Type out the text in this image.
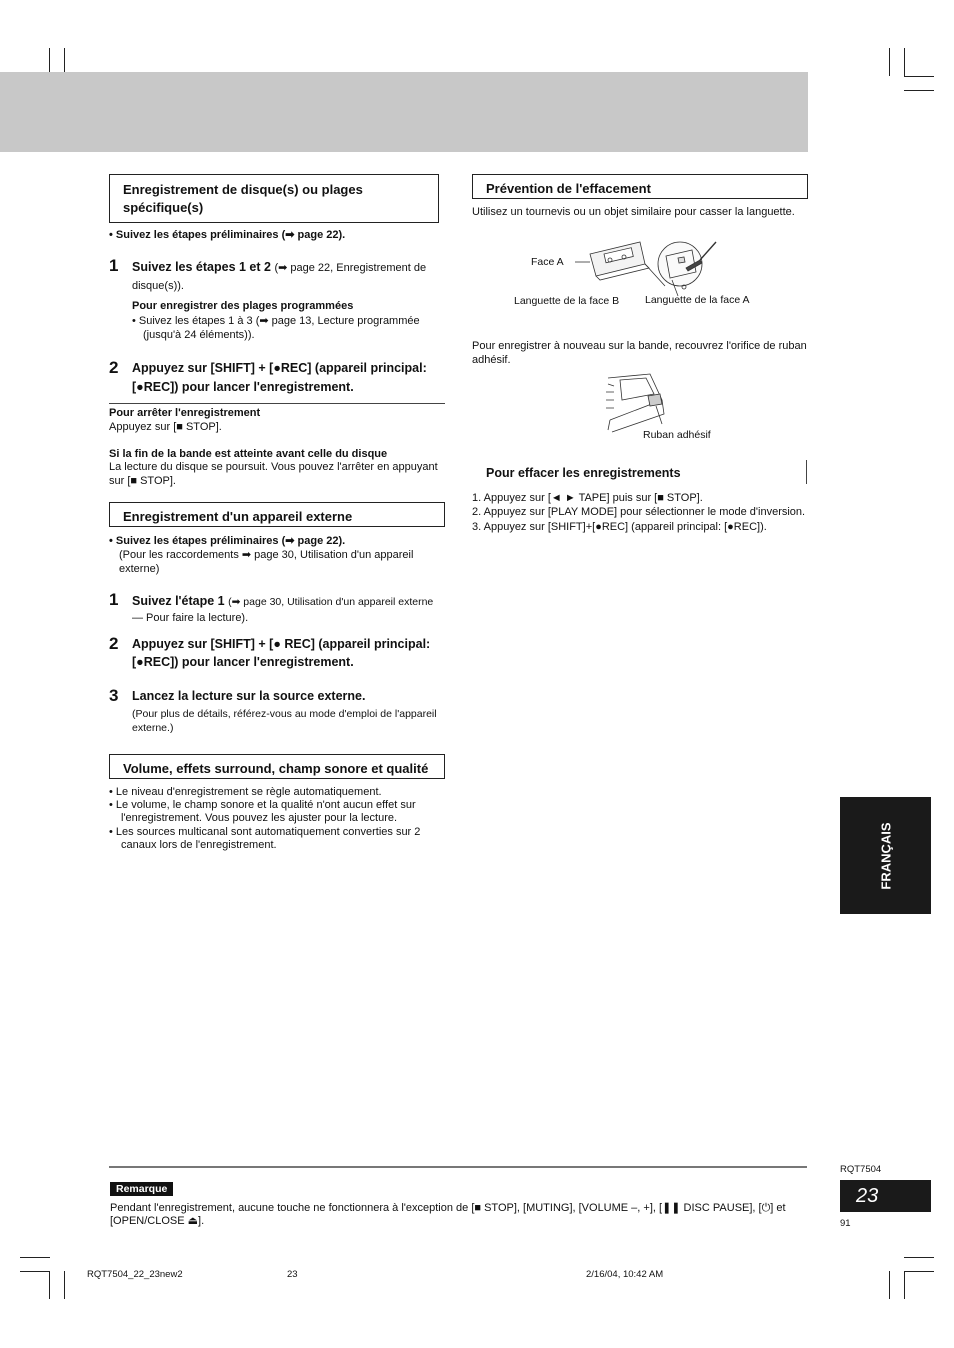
Enregistrement de disque(s) ou plages spécifique(s)
• Suivez les étapes préliminaires (➡ page 22).
1 Suivez les étapes 1 et 2 (➡ page 22, Enregistrement de disque(s)).
Pour enregistrer des plages programmées
• Suivez les étapes 1 à 3 (➡ page 13, Lecture programmée
(jusqu'à 24 éléments)).
2 Appuyez sur [SHIFT] + [●REC] (appareil principal:
[●REC]) pour lancer l'enregistrement.
Pour arrêter l'enregistrement
Appuyez sur [■ STOP].
Si la fin de la bande est atteinte avant celle du disque
La lecture du disque se poursuit. Vous pouvez l'arrêter en appuyant
sur [■ STOP].
Enregistrement d'un appareil externe
• Suivez les étapes préliminaires (➡ page 22).
(Pour les raccordements ➡ page 30, Utilisation d'un appareil
externe)
1 Suivez l'étape 1 (➡ page 30, Utilisation d'un appareil externe
— Pour faire la lecture).
2 Appuyez sur [SHIFT] + [● REC] (appareil principal:
[●REC]) pour lancer l'enregistrement.
3 Lancez la lecture sur la source externe.
(Pour plus de détails, référez-vous au mode d'emploi de l'appareil
externe.)
Volume, effets surround, champ sonore et qualité
• Le niveau d'enregistrement se règle automatiquement.
• Le volume, le champ sonore et la qualité n'ont aucun effet sur
l'enregistrement. Vous pouvez les ajuster pour la lecture.
• Les sources multicanal sont automatiquement converties sur 2
canaux lors de l'enregistrement.
Prévention de l'effacement
Utilisez un tournevis ou un objet similaire pour casser la languette.
Face A
Languette de la face B Languette de la face A
Pour enregistrer à nouveau sur la bande, recouvrez l'orifice de ruban
adhésif.
Ruban adhésif
Pour effacer les enregistrements
1. Appuyez sur [◄ ► TAPE] puis sur [■ STOP].
2. Appuyez sur [PLAY MODE] pour sélectionner le mode d'inversion.
3. Appuyez sur [SHIFT]+[●REC] (appareil principal: [●REC]).
FRANÇAIS
RQT7504
23
91
Remarque
Pendant l'enregistrement, aucune touche ne fonctionnera à l'exception de [■ STOP], [MUTING], [VOLUME –, +], [❚❚ DISC PAUSE], [⏻] et
[OPEN/CLOSE ⏏].
RQT7504_22_23new2	23	2/16/04, 10:42 AM
